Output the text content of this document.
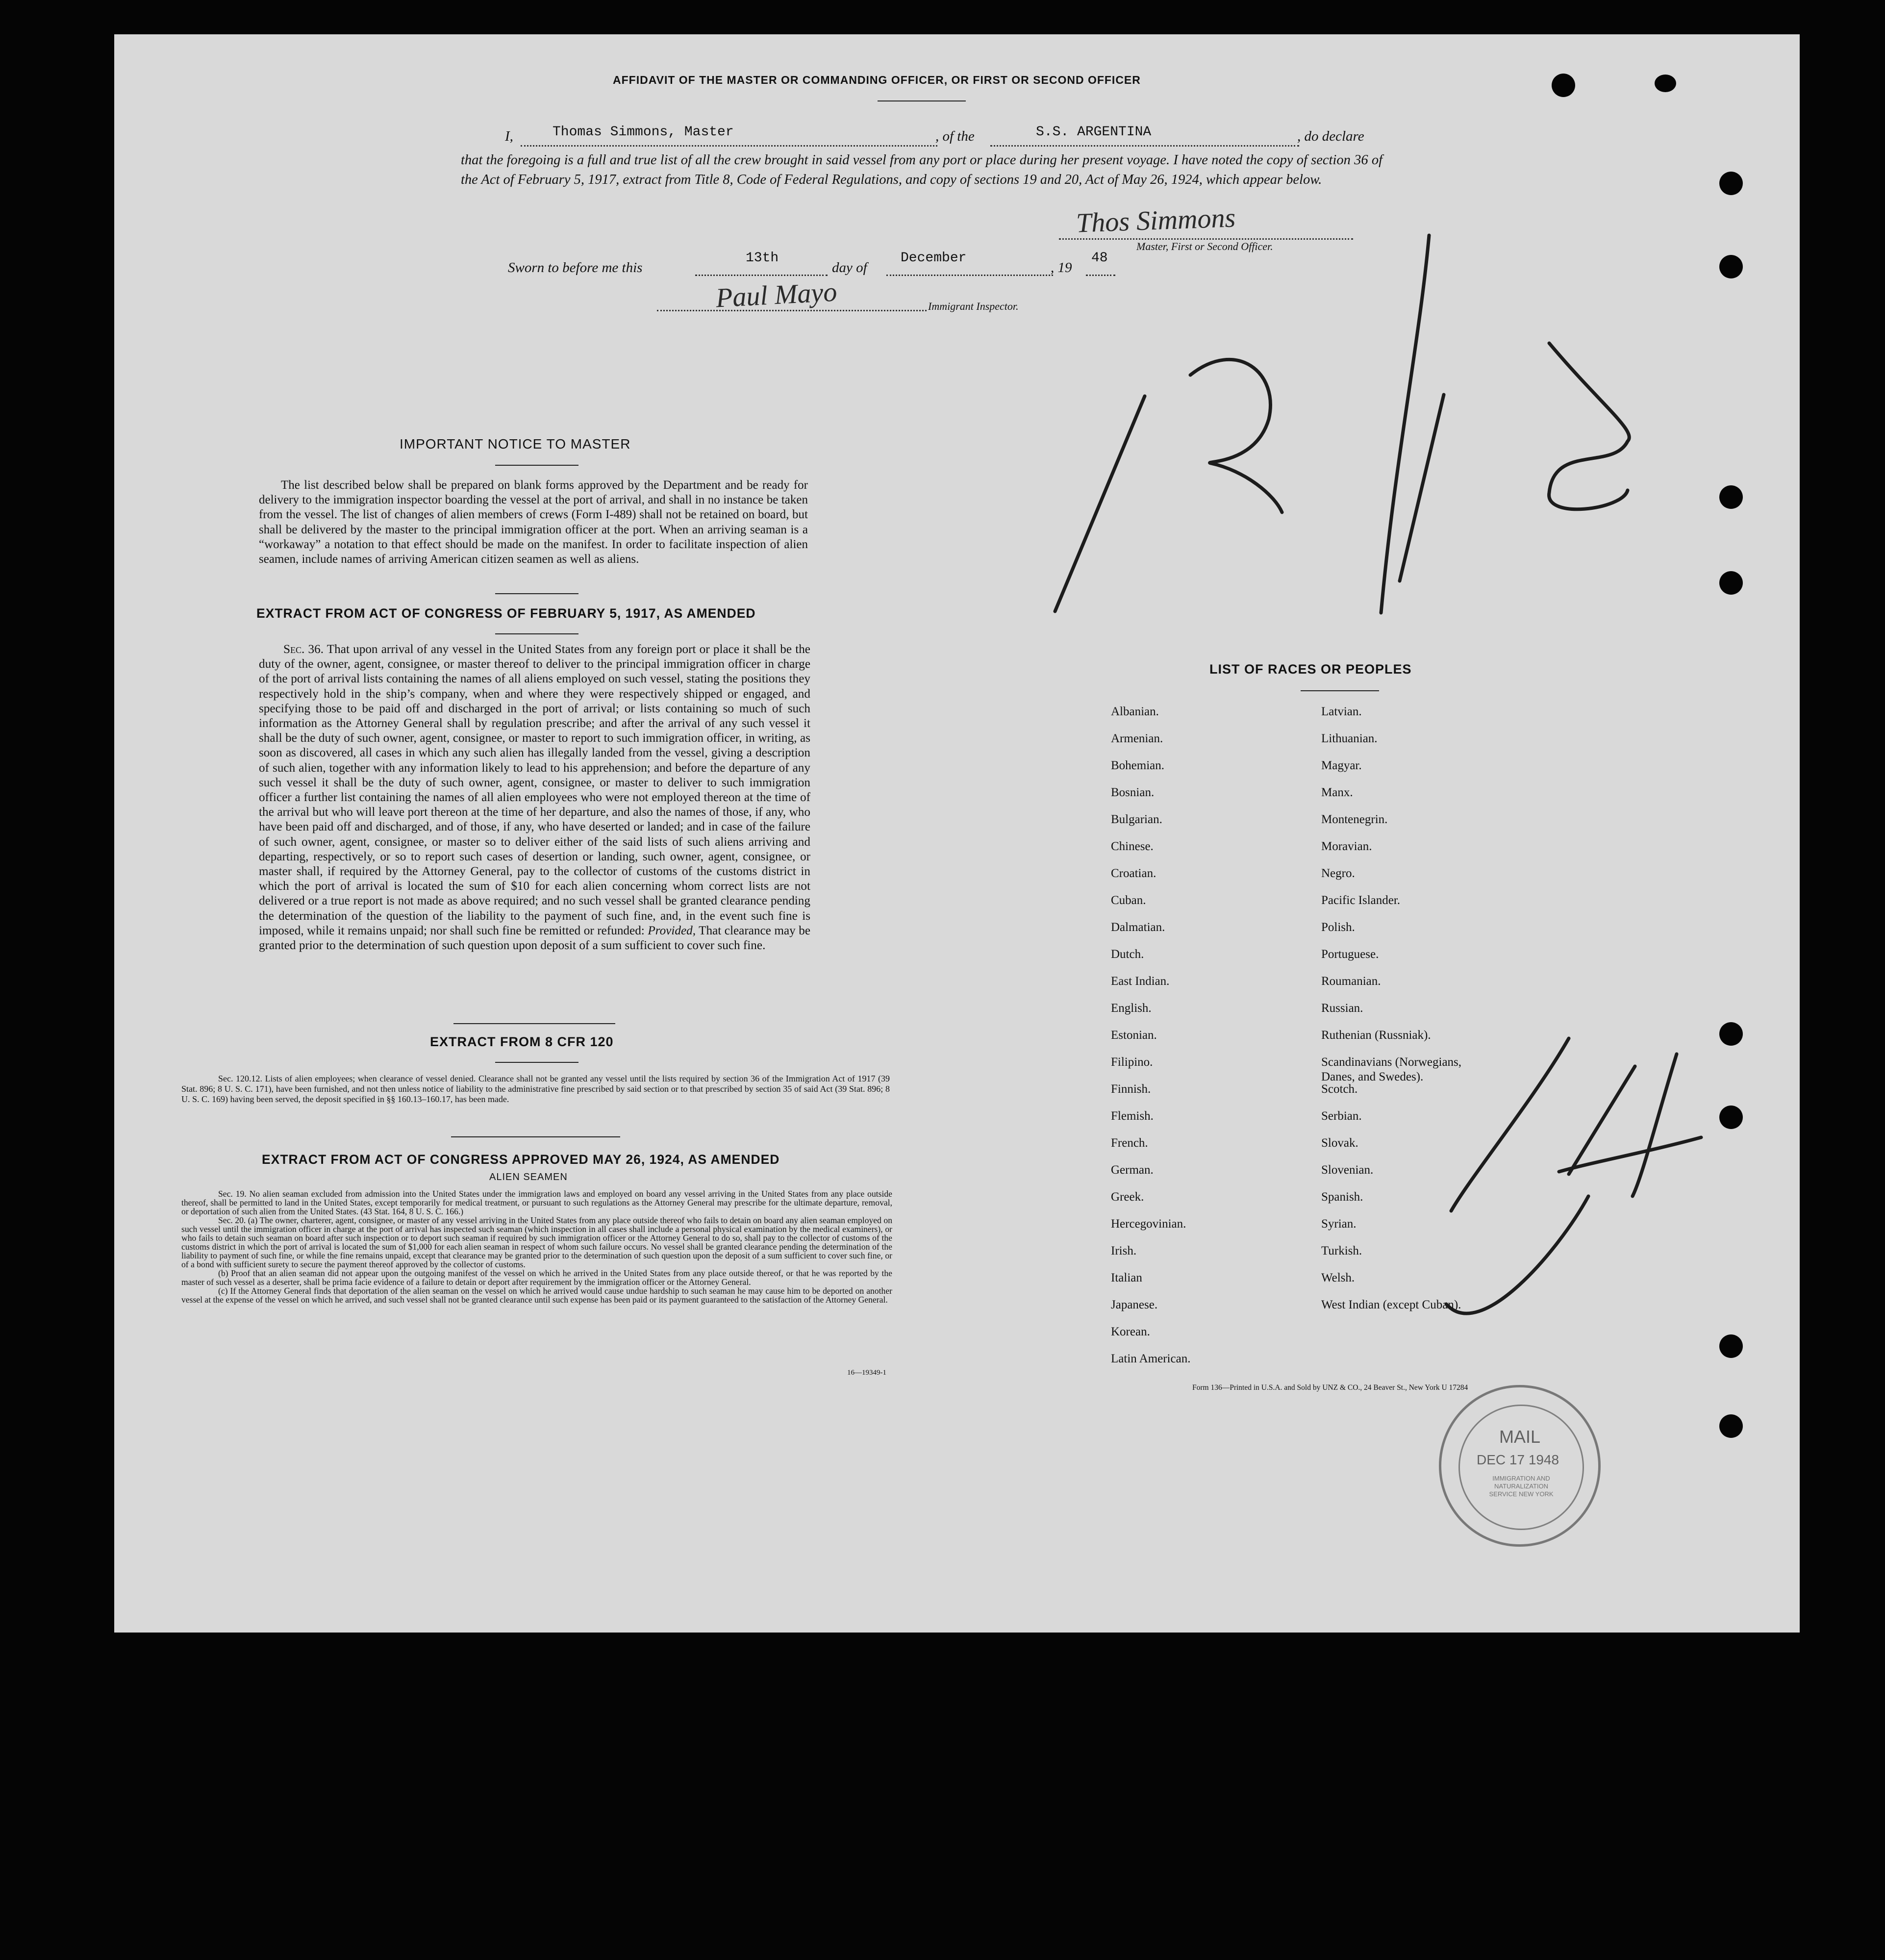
AFFIDAVIT OF THE MASTER OR COMMANDING OFFICER, OR FIRST OR SECOND OFFICER
I,	Thomas Simmons, Master	, of the	S.S. ARGENTINA	, do declare
that the foregoing is a full and true list of all the crew brought in said vessel from any port or place during her present voyage. I have noted the copy of section 36 of the Act of February 5, 1917, extract from Title 8, Code of Federal Regulations, and copy of sections 19 and 20, Act of May 26, 1924, which appear below.
Thos Simmons
Master, First or Second Officer.
Sworn to before me this
13th
day of
December
, 19
48
Paul Mayo	Immigrant Inspector.
IMPORTANT NOTICE TO MASTER
The list described below shall be prepared on blank forms approved by the Department and be ready for delivery to the immigration inspector boarding the vessel at the port of arrival, and shall in no instance be taken from the vessel. The list of changes of alien members of crews (Form I-489) shall not be retained on board, but shall be delivered by the master to the principal immigration officer at the port. When an arriving seaman is a “workaway” a notation to that effect should be made on the manifest. In order to facilitate inspection of alien seamen, include names of arriving American citizen seamen as well as aliens.
EXTRACT FROM ACT OF CONGRESS OF FEBRUARY 5, 1917, AS AMENDED
Sec. 36. That upon arrival of any vessel in the United States from any foreign port or place it shall be the duty of the owner, agent, consignee, or master thereof to deliver to the principal immigration officer in charge of the port of arrival lists containing the names of all aliens employed on such vessel, stating the positions they respectively hold in the ship’s company, when and where they were respectively shipped or engaged, and specifying those to be paid off and discharged in the port of arrival; or lists containing so much of such information as the Attorney General shall by regulation prescribe; and after the arrival of any such vessel it shall be the duty of such owner, agent, consignee, or master to report to such immigration officer, in writing, as soon as discovered, all cases in which any such alien has illegally landed from the vessel, giving a description of such alien, together with any information likely to lead to his apprehension; and before the departure of any such vessel it shall be the duty of such owner, agent, consignee, or master to deliver to such immigration officer a further list containing the names of all alien employees who were not employed thereon at the time of the arrival but who will leave port thereon at the time of her departure, and also the names of those, if any, who have been paid off and discharged, and of those, if any, who have deserted or landed; and in case of the failure of such owner, agent, consignee, or master so to deliver either of the said lists of such aliens arriving and departing, respectively, or so to report such cases of desertion or landing, such owner, agent, consignee, or master shall, if required by the Attorney General, pay to the collector of customs of the customs district in which the port of arrival is located the sum of $10 for each alien concerning whom correct lists are not delivered or a true report is not made as above required; and no such vessel shall be granted clearance pending the determination of the question of the liability to the payment of such fine, and, in the event such fine is imposed, while it remains unpaid; nor shall such fine be remitted or refunded: Provided, That clearance may be granted prior to the determination of such question upon deposit of a sum sufficient to cover such fine.
EXTRACT FROM 8 CFR 120
Sec. 120.12. Lists of alien employees; when clearance of vessel denied. Clearance shall not be granted any vessel until the lists required by section 36 of the Immigration Act of 1917 (39 Stat. 896; 8 U. S. C. 171), have been furnished, and not then unless notice of liability to the administrative fine prescribed by said section or to that prescribed by section 35 of said Act (39 Stat. 896; 8 U. S. C. 169) having been served, the deposit specified in §§ 160.13–160.17, has been made.
EXTRACT FROM ACT OF CONGRESS APPROVED MAY 26, 1924, AS AMENDED
ALIEN SEAMEN
Sec. 19. No alien seaman excluded from admission into the United States under the immigration laws and employed on board any vessel arriving in the United States from any place outside thereof, shall be permitted to land in the United States, except temporarily for medical treatment, or pursuant to such regulations as the Attorney General may prescribe for the ultimate departure, removal, or deportation of such alien from the United States. (43 Stat. 164, 8 U. S. C. 166.)
Sec. 20. (a) The owner, charterer, agent, consignee, or master of any vessel arriving in the United States from any place outside thereof who fails to detain on board any alien seaman employed on such vessel until the immigration officer in charge at the port of arrival has inspected such seaman (which inspection in all cases shall include a personal physical examination by the medical examiners), or who fails to detain such seaman on board after such inspection or to deport such seaman if required by such immigration officer or the Attorney General to do so, shall pay to the collector of customs of the customs district in which the port of arrival is located the sum of $1,000 for each alien seaman in respect of whom such failure occurs. No vessel shall be granted clearance pending the determination of the liability to payment of such fine, or while the fine remains unpaid, except that clearance may be granted prior to the determination of such question upon the deposit of a sum sufficient to cover such fine, or of a bond with sufficient surety to secure the payment thereof approved by the collector of customs.
(b) Proof that an alien seaman did not appear upon the outgoing manifest of the vessel on which he arrived in the United States from any place outside thereof, or that he was reported by the master of such vessel as a deserter, shall be prima facie evidence of a failure to detain or deport after requirement by the immigration officer or the Attorney General.
(c) If the Attorney General finds that deportation of the alien seaman on the vessel on which he arrived would cause undue hardship to such seaman he may cause him to be deported on another vessel at the expense of the vessel on which he arrived, and such vessel shall not be granted clearance until such expense has been paid or its payment guaranteed to the satisfaction of the Attorney General.
16—19349-1
LIST OF RACES OR PEOPLES
Albanian.
Armenian.
Bohemian.
Bosnian.
Bulgarian.
Chinese.
Croatian.
Cuban.
Dalmatian.
Dutch.
East Indian.
English.
Estonian.
Filipino.
Finnish.
Flemish.
French.
German.
Greek.
Hercegovinian.
Irish.
Italian
Japanese.
Korean.
Latin American.
Latvian.
Lithuanian.
Magyar.
Manx.
Montenegrin.
Moravian.
Negro.
Pacific Islander.
Polish.
Portuguese.
Roumanian.
Russian.
Ruthenian (Russniak).
Scandinavians (Norwegians,
Danes, and Swedes).
Scotch.
Serbian.
Slovak.
Slovenian.
Spanish.
Syrian.
Turkish.
Welsh.
West Indian (except Cuban).
Form 136—Printed in U.S.A. and Sold by UNZ & CO., 24 Beaver St., New York U 17284
MAIL
DEC 17 1948
IMMIGRATION AND NATURALIZATION SERVICE NEW YORK
